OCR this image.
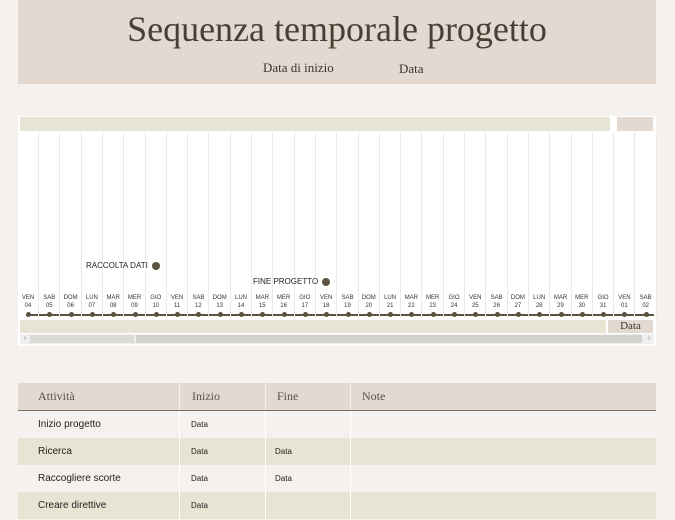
Sequenza temporale progetto
Data di inizio	Data
Data
‹	›
VEN
04
SAB
05
DOM
06
LUN
07
MAR
08
MER
09
GIO
10
VEN
11
SAB
12
DOM
13
LUN
14
MAR
15
MER
16
GIO
17
VEN
18
SAB
19
DOM
20
LUN
21
MAR
22
MER
23
GIO
24
VEN
25
SAB
26
DOM
27
LUN
28
MAR
29
MER
30
GIO
31
VEN
01
SAB
02
RACCOLTA DATI
FINE PROGETTO
Attività	Inizio	Fine	Note
Inizio progetto	Data
Ricerca	Data	Data
Raccogliere scorte	Data	Data
Creare direttive	Data
